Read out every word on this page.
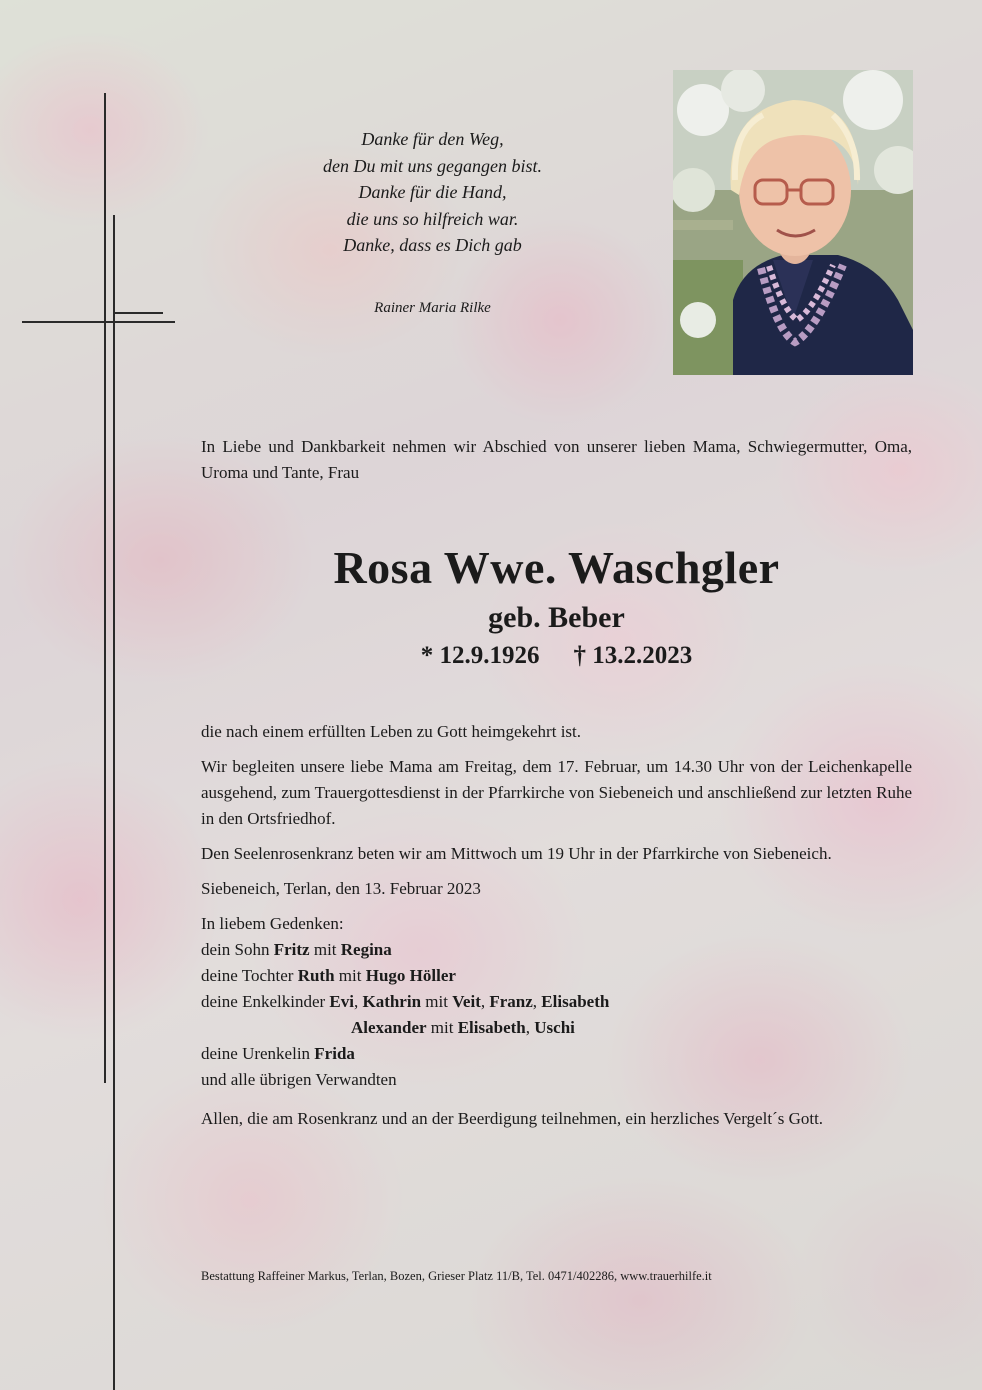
Danke für den Weg,
den Du mit uns gegangen bist.
Danke für die Hand,
die uns so hilfreich war.
Danke, dass es Dich gab
Rainer Maria Rilke
In Liebe und Dankbarkeit nehmen wir Abschied von unserer lieben Mama, Schwiegermutter, Oma, Uroma und Tante, Frau
Rosa Wwe. Waschgler
geb. Beber
* 12.9.1926 † 13.2.2023

die nach einem erfüllten Leben zu Gott heimgekehrt ist.

Wir begleiten unsere liebe Mama am Freitag, dem 17. Februar, um 14.30 Uhr von der Leichenkapelle ausgehend, zum Trauergottesdienst in der Pfarrkirche von Siebeneich und anschließend zur letzten Ruhe in den Ortsfriedhof.

Den Seelenrosenkranz beten wir am Mittwoch um 19 Uhr in der Pfarrkirche von Siebeneich.

Siebeneich, Terlan, den 13. Februar 2023

In liebem Gedenken:
dein Sohn Fritz mit Regina
deine Tochter Ruth mit Hugo Höller
deine Enkelkinder Evi, Kathrin mit Veit, Franz, Elisabeth
Alexander mit Elisabeth, Uschi
deine Urenkelin Frida
und alle übrigen Verwandten

Allen, die am Rosenkranz und an der Beerdigung teilnehmen, ein herzliches Vergelt´s Gott.

Bestattung Raffeiner Markus, Terlan, Bozen, Grieser Platz 11/B, Tel. 0471/402286, www.trauerhilfe.it
